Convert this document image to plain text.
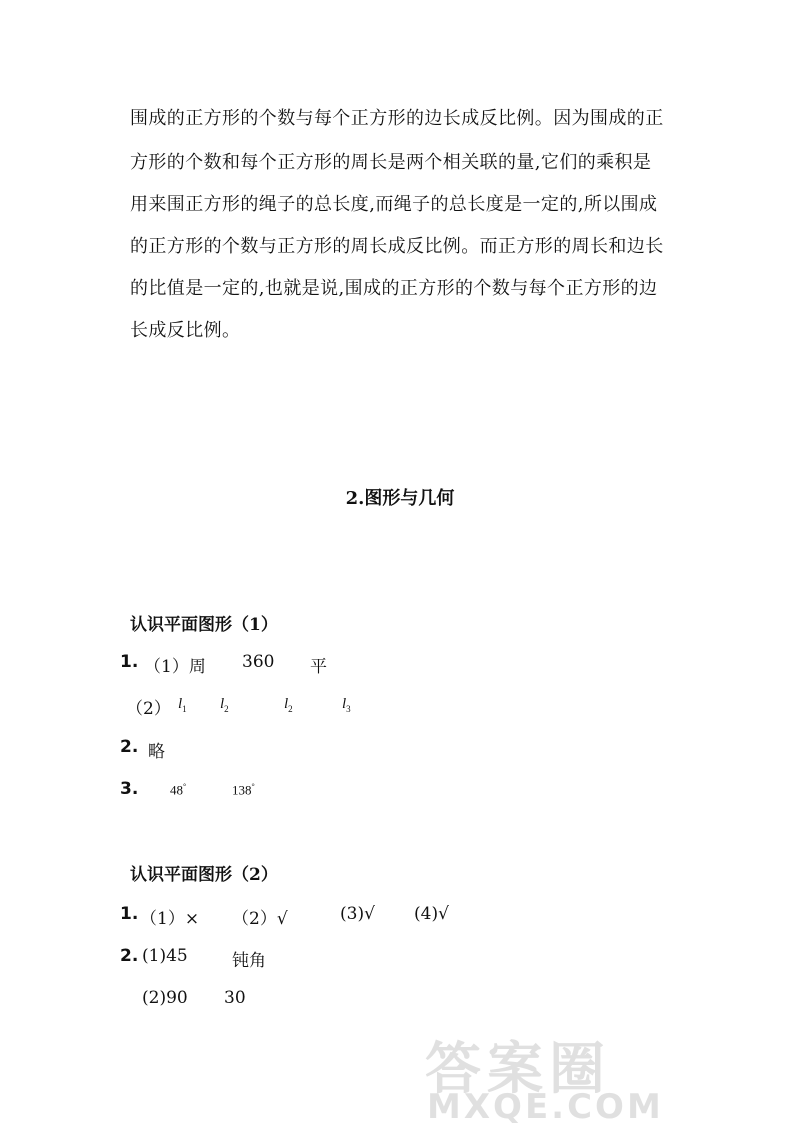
围成的正方形的个数与每个正方形的边长成反比例。因为围成的正
方形的个数和每个正方形的周长是两个相关联的量,它们的乘积是
用来围正方形的绳子的总长度,而绳子的总长度是一定的,所以围成
的正方形的个数与正方形的周长成反比例。而正方形的周长和边长
的比值是一定的,也就是说,围成的正方形的个数与每个正方形的边
长成反比例。
2.图形与几何
认识平面图形（1）
1. （1）周 360 平
（2） $l_1$ $l_2$	$l_2$	$l_3$
2. 略
3. 48°	138°
认识平面图形（2）
1. （1）× （2）√	(3)√ (4)√
2. (1)45	钝角
(2)90 30
答案圈
MXQE.COM
